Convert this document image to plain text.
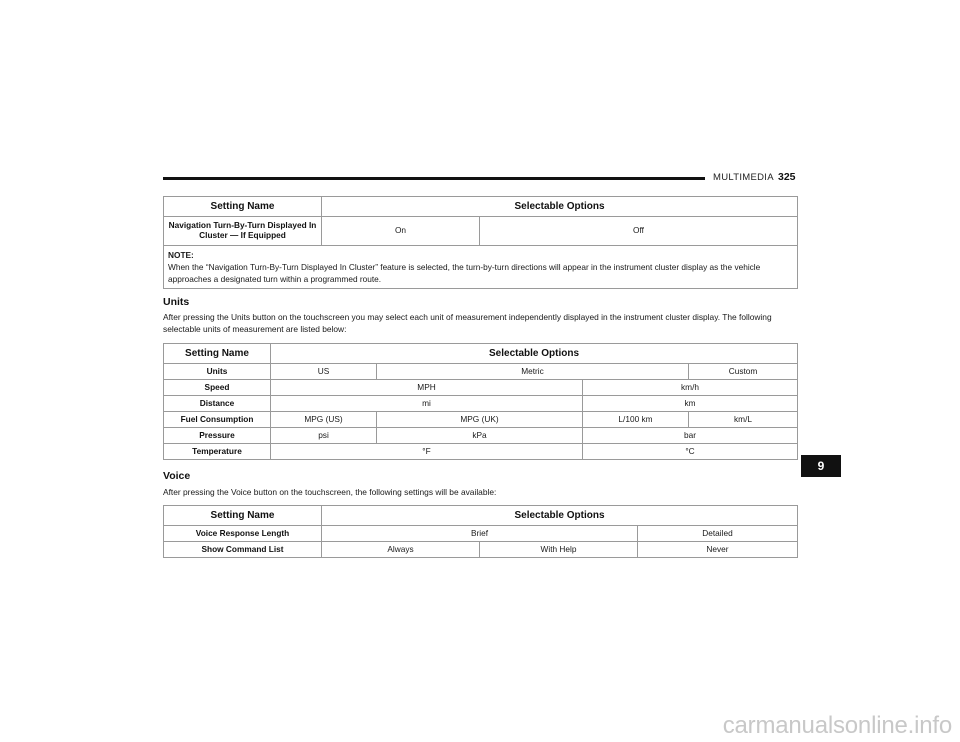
MULTIMEDIA 325
Setting Name	Selectable Options	
Navigation Turn-By-Turn Displayed In Cluster — If Equipped	On	Off

NOTE:
When the “Navigation Turn-By-Turn Displayed In Cluster” feature is selected, the turn-by-turn directions will appear in the instrument cluster display as the vehicle approaches a designated turn within a programmed route.		
Units

After pressing the Units button on the touchscreen you may select each unit of measurement independently displayed in the instrument cluster display. The following selectable units of measurement are listed below:

Setting Name	Selectable Options			
Units	US	Metric		Custom
Speed	MPH		km/h	
Distance	mi		km	
Fuel Consumption	MPG (US)	MPG (UK)	L/100 km	km/L
Pressure	psi	kPa	bar	
Temperature	°F		°C	
Voice

After pressing the Voice button on the touchscreen, the following settings will be available:

Setting Name	Selectable Options		
Voice Response Length	Brief		Detailed
Show Command List	Always	With Help	Never
9
carmanualsonline.info
